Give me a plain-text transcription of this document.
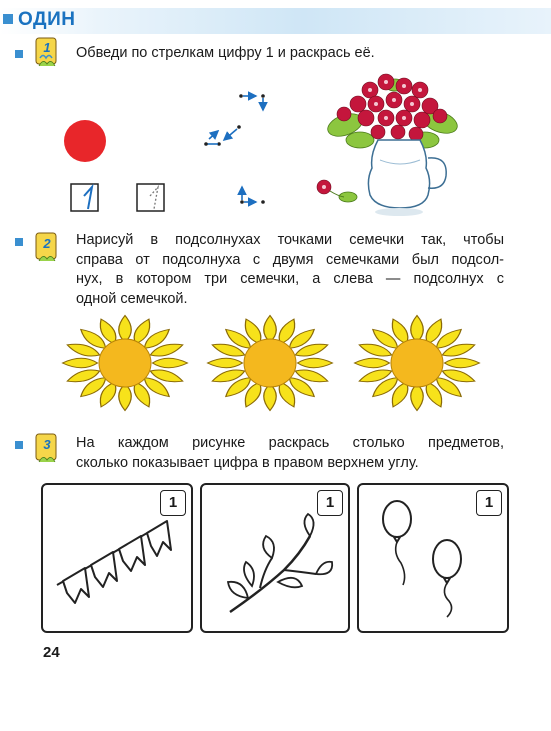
ОДИН
1 Обведи по стрелкам цифру 1 и раскрась её.
2 Нарисуй в подсолнухах точками семечки так, чтобы
справа от подсолнуха с двумя семечками был подсол-
нух, в котором три семечки, а слева — подсолнух с
одной семечкой.
3 На каждом рисунке раскрась столько предметов,
сколько показывает цифра в правом верхнем углу.
1	1	1
24
